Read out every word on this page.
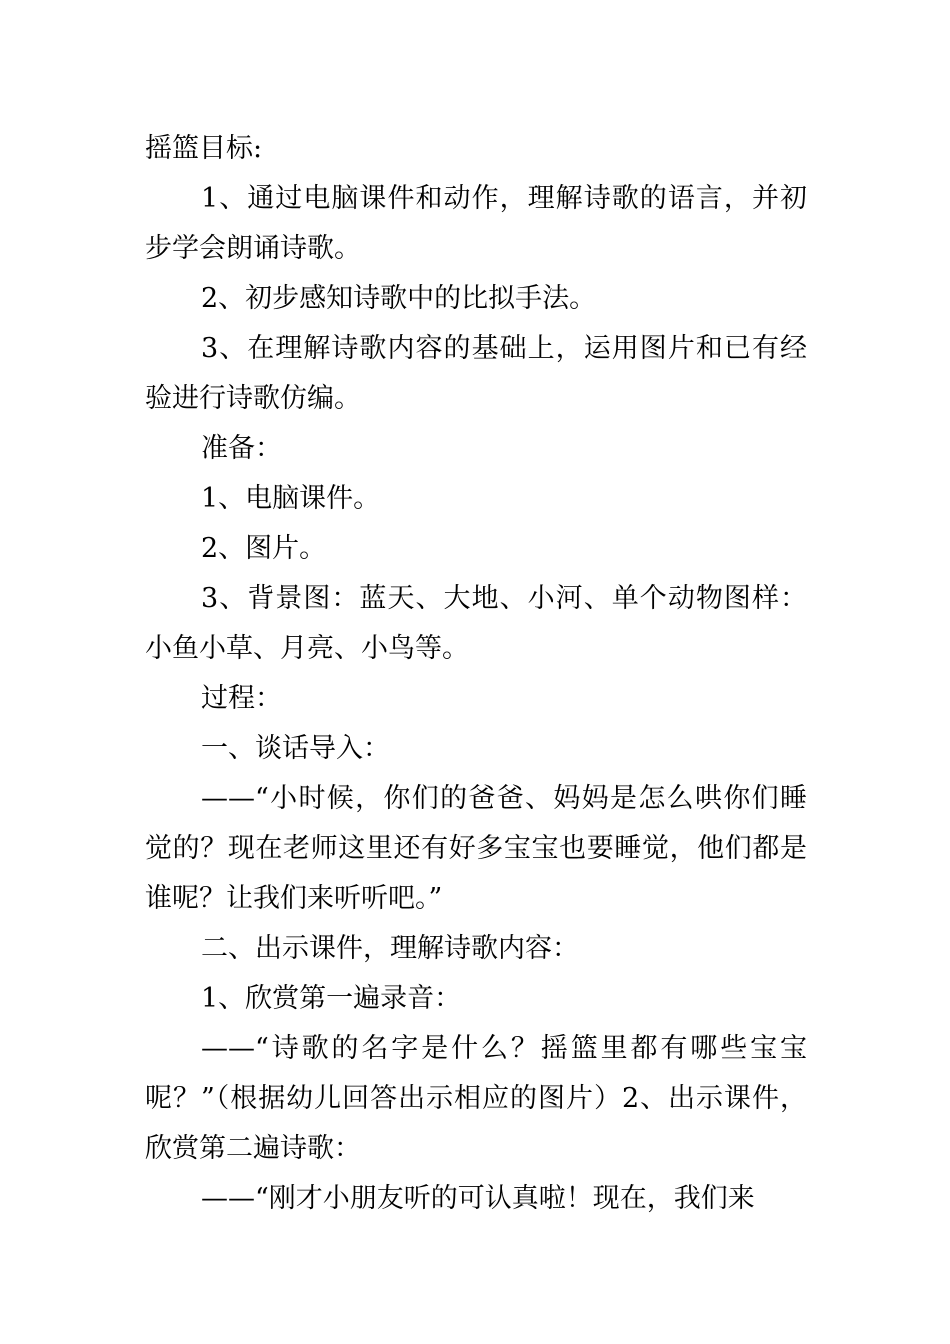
摇篮目标:

1、通过电脑课件和动作，理解诗歌的语言，并初步学会朗诵诗歌。

2、初步感知诗歌中的比拟手法。

3、在理解诗歌内容的基础上，运用图片和已有经验进行诗歌仿编。

准备：

1、电脑课件。

2、图片。

3、背景图：蓝天、大地、小河、单个动物图样：小鱼小草、月亮、小鸟等。

过程：

一、谈话导入：

——“小时候，你们的爸爸、妈妈是怎么哄你们睡觉的？现在老师这里还有好多宝宝也要睡觉，他们都是谁呢？让我们来听听吧。”

二、出示课件，理解诗歌内容：

1、欣赏第一遍录音：

——“诗歌的名字是什么？摇篮里都有哪些宝宝呢？”（根据幼儿回答出示相应的图片）2、出示课件，欣赏第二遍诗歌：

——“刚才小朋友听的可认真啦！现在，我们来
